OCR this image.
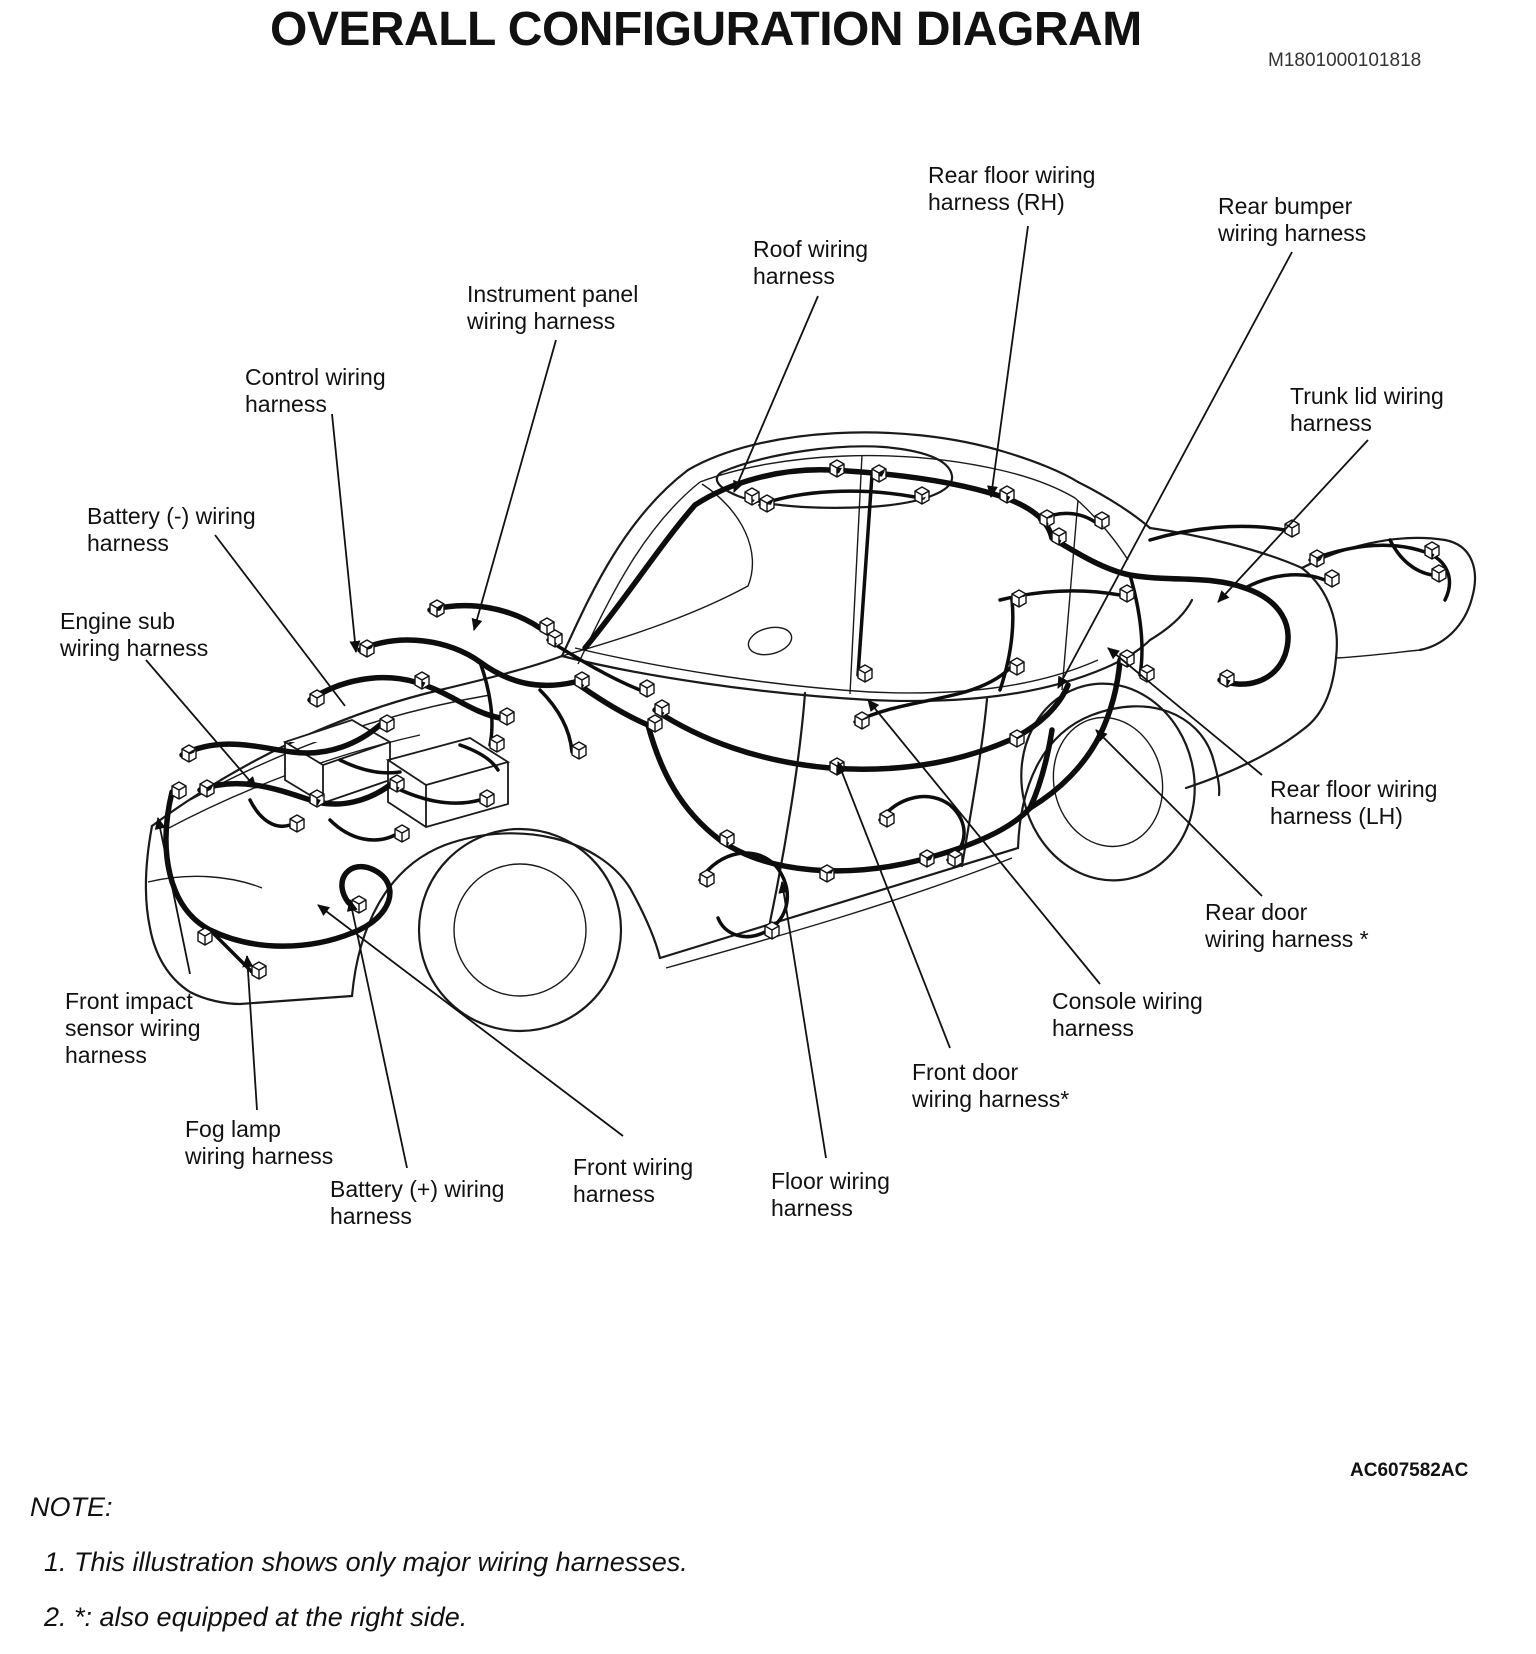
OVERALL CONFIGURATION DIAGRAM
M1801000101818
Rear floor wiring harness (RH)	Rear bumper wiring harness
Roof wiring harness
Instrument panel wiring harness
Trunk lid wiring harness
Control wiring harness
Battery (-) wiring harness
Engine sub wiring harness
Rear floor wiring harness (LH)
Rear door wiring harness *
Front impact sensor wiring harness
Console wiring harness
Front door wiring harness*
Fog lamp wiring harness	Front wiring harness	Floor wiring harness
Battery (+) wiring harness
AC607582AC
NOTE:
1. This illustration shows only major wiring harnesses.
2. *: also equipped at the right side.
